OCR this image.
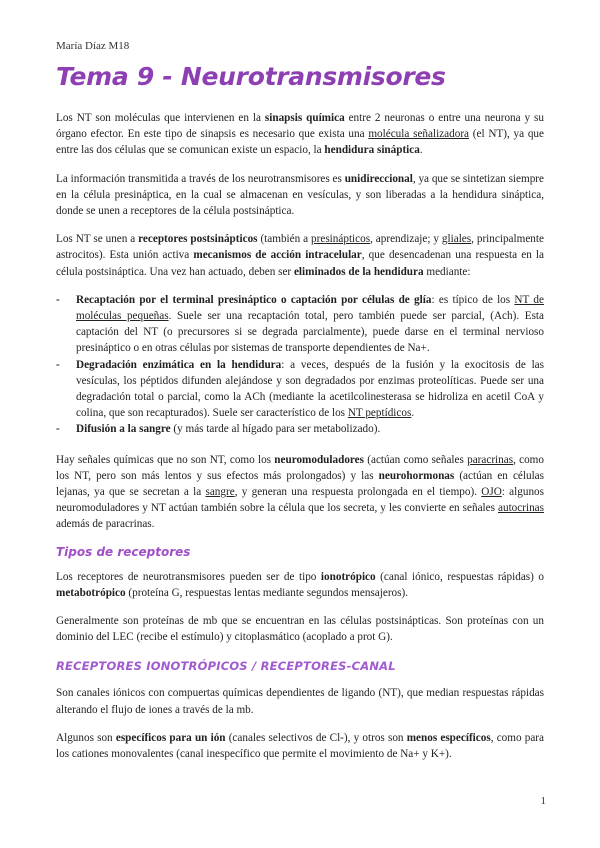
María Díaz M18
Tema 9 - Neurotransmisores

Los NT son moléculas que intervienen en la sinapsis química entre 2 neuronas o entre una neurona y su órgano efector. En este tipo de sinapsis es necesario que exista una molécula señalizadora (el NT), ya que entre las dos células que se comunican existe un espacio, la hendidura sináptica.

La información transmitida a través de los neurotransmisores es unidireccional, ya que se sintetizan siempre en la célula presináptica, en la cual se almacenan en vesículas, y son liberadas a la hendidura sináptica, donde se unen a receptores de la célula postsináptica.

Los NT se unen a receptores postsinápticos (también a presinápticos, aprendizaje; y gliales, principalmente astrocitos). Esta unión activa mecanismos de acción intracelular, que desencadenan una respuesta en la célula postsináptica. Una vez han actuado, deben ser eliminados de la hendidura mediante:

- Recaptación por el terminal presináptico o captación por células de glía: es típico de los NT de moléculas pequeñas. Suele ser una recaptación total, pero también puede ser parcial, (Ach). Esta captación del NT (o precursores si se degrada parcialmente), puede darse en el terminal nervioso presináptico o en otras células por sistemas de transporte dependientes de Na+.
- Degradación enzimática en la hendidura: a veces, después de la fusión y la exocitosis de las vesículas, los péptidos difunden alejándose y son degradados por enzimas proteolíticas. Puede ser una degradación total o parcial, como la ACh (mediante la acetilcolinesterasa se hidroliza en acetil CoA y colina, que son recapturados). Suele ser característico de los NT peptídicos.
- Difusión a la sangre (y más tarde al hígado para ser metabolizado).

Hay señales químicas que no son NT, como los neuromoduladores (actúan como señales paracrinas, como los NT, pero son más lentos y sus efectos más prolongados) y las neurohormonas (actúan en células lejanas, ya que se secretan a la sangre, y generan una respuesta prolongada en el tiempo). OJO: algunos neuromoduladores y NT actúan también sobre la célula que los secreta, y les convierte en señales autocrinas además de paracrinas.

Tipos de receptores

Los receptores de neurotransmisores pueden ser de tipo ionotrópico (canal iónico, respuestas rápidas) o metabotrópico (proteína G, respuestas lentas mediante segundos mensajeros).

Generalmente son proteínas de mb que se encuentran en las células postsinápticas. Son proteínas con un dominio del LEC (recibe el estímulo) y citoplasmático (acoplado a prot G).

RECEPTORES IONOTRÓPICOS / RECEPTORES-CANAL

Son canales iónicos con compuertas químicas dependientes de ligando (NT), que median respuestas rápidas alterando el flujo de iones a través de la mb.

Algunos son específicos para un ión (canales selectivos de Cl-), y otros son menos específicos, como para los cationes monovalentes (canal inespecífico que permite el movimiento de Na+ y K+).

1
